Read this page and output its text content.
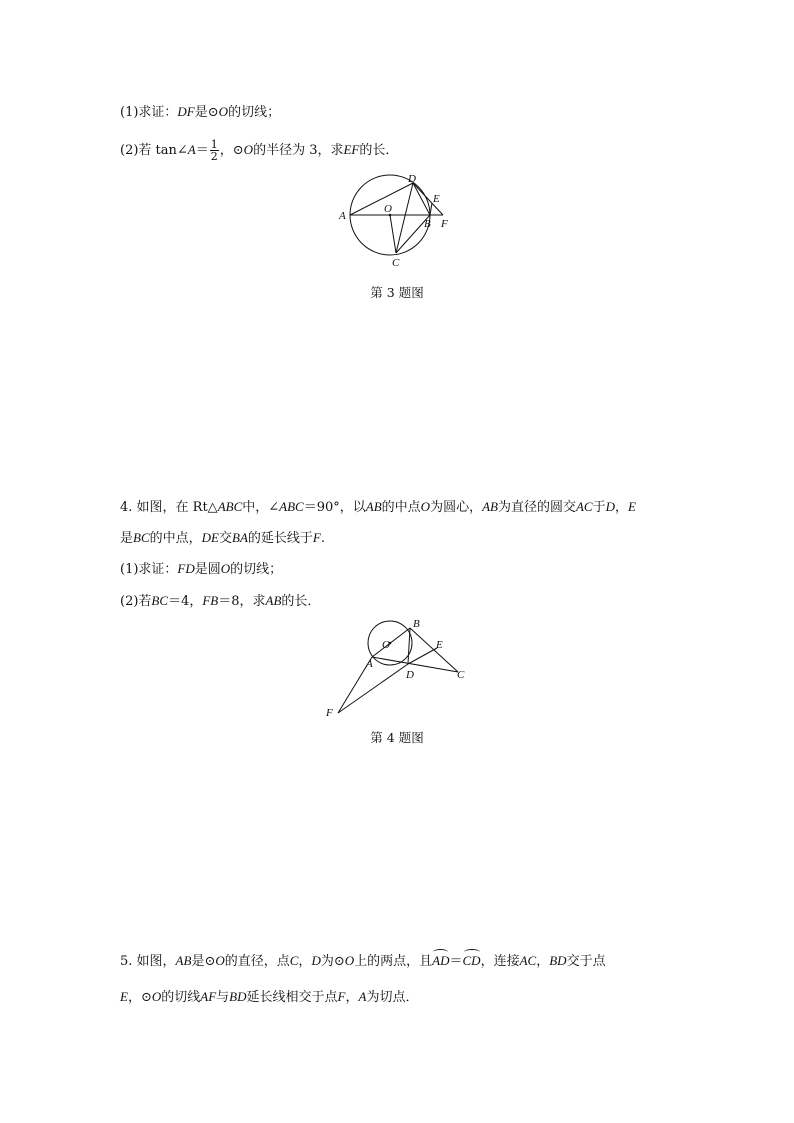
(1)求证：DF是⊙O的切线；
(2)若 tan∠A＝ $\frac{1}{2}$ ，⊙O的半径为 3，求EF的长．
D
E
A
O
B F
C
第 3 题图
4. 如图，在 Rt△ABC中，∠ABC＝90°，以AB的中点O为圆心，AB为直径的圆交AC于D，E
是BC的中点，DE交BA的延长线于F.
(1)求证：FD是圆O的切线；
(2)若BC＝4，FB＝8，求AB的长．
B
O	E
A
D	C
F
第 4 题图
5. 如图，AB是⊙O的直径，点C，D为⊙O上的两点，且AD＝CD，连接AC，BD交于点
E，⊙O的切线AF与BD延长线相交于点F，A为切点．
